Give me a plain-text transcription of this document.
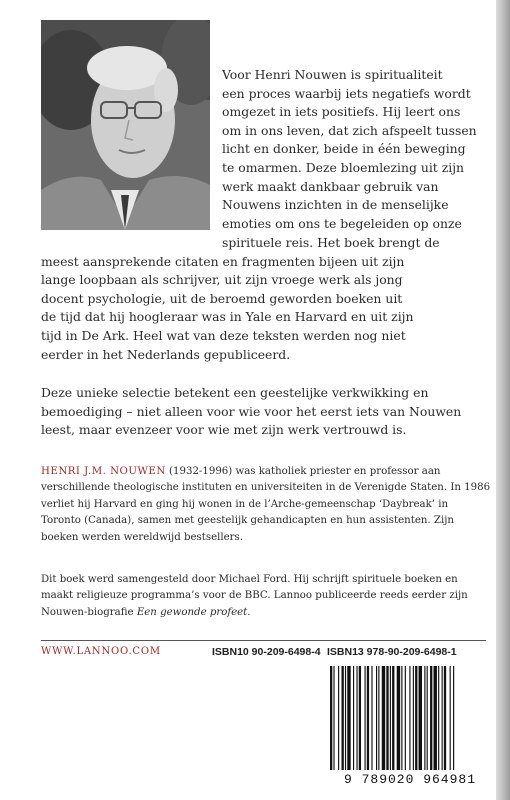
Voor Henri Nouwen is spiritualiteit
een proces waarbij iets negatiefs wordt
omgezet in iets positiefs. Hij leert ons
om in ons leven, dat zich afspeelt tussen
licht en donker, beide in één beweging
te omarmen. Deze bloemlezing uit zijn
werk maakt dankbaar gebruik van
Nouwens inzichten in de menselijke
emoties om ons te begeleiden op onze
spirituele reis. Het boek brengt de
meest aansprekende citaten en fragmenten bijeen uit zijn
lange loopbaan als schrijver, uit zijn vroege werk als jong
docent psychologie, uit de beroemd geworden boeken uit
de tijd dat hij hoogleraar was in Yale en Harvard en uit zijn
tijd in De Ark. Heel wat van deze teksten werden nog niet
eerder in het Nederlands gepubliceerd.
Deze unieke selectie betekent een geestelijke verkwikking en bemoediging – niet alleen voor wie voor het eerst iets van Nouwen leest, maar evenzeer voor wie met zijn werk vertrouwd is.
HENRI J.M. NOUWEN (1932-1996) was katholiek priester en professor aan verschillende theologische instituten en universiteiten in de Verenigde Staten. In 1986 verliet hij Harvard en ging hij wonen in de l’Arche-gemeenschap ‘Daybreak’ in Toronto (Canada), samen met geestelijk gehandicapten en hun assistenten. Zijn boeken werden wereldwijd bestsellers.
Dit boek werd samengesteld door Michael Ford. Hij schrijft spirituele boeken en maakt religieuze programma’s voor de BBC. Lannoo publiceerde reeds eerder zijn Nouwen-biografie Een gewonde profeet.
WWW.LANNOO.COM	ISBN10 90-209-6498-4 ISBN13 978-90-209-6498-1
9 789020 964981
